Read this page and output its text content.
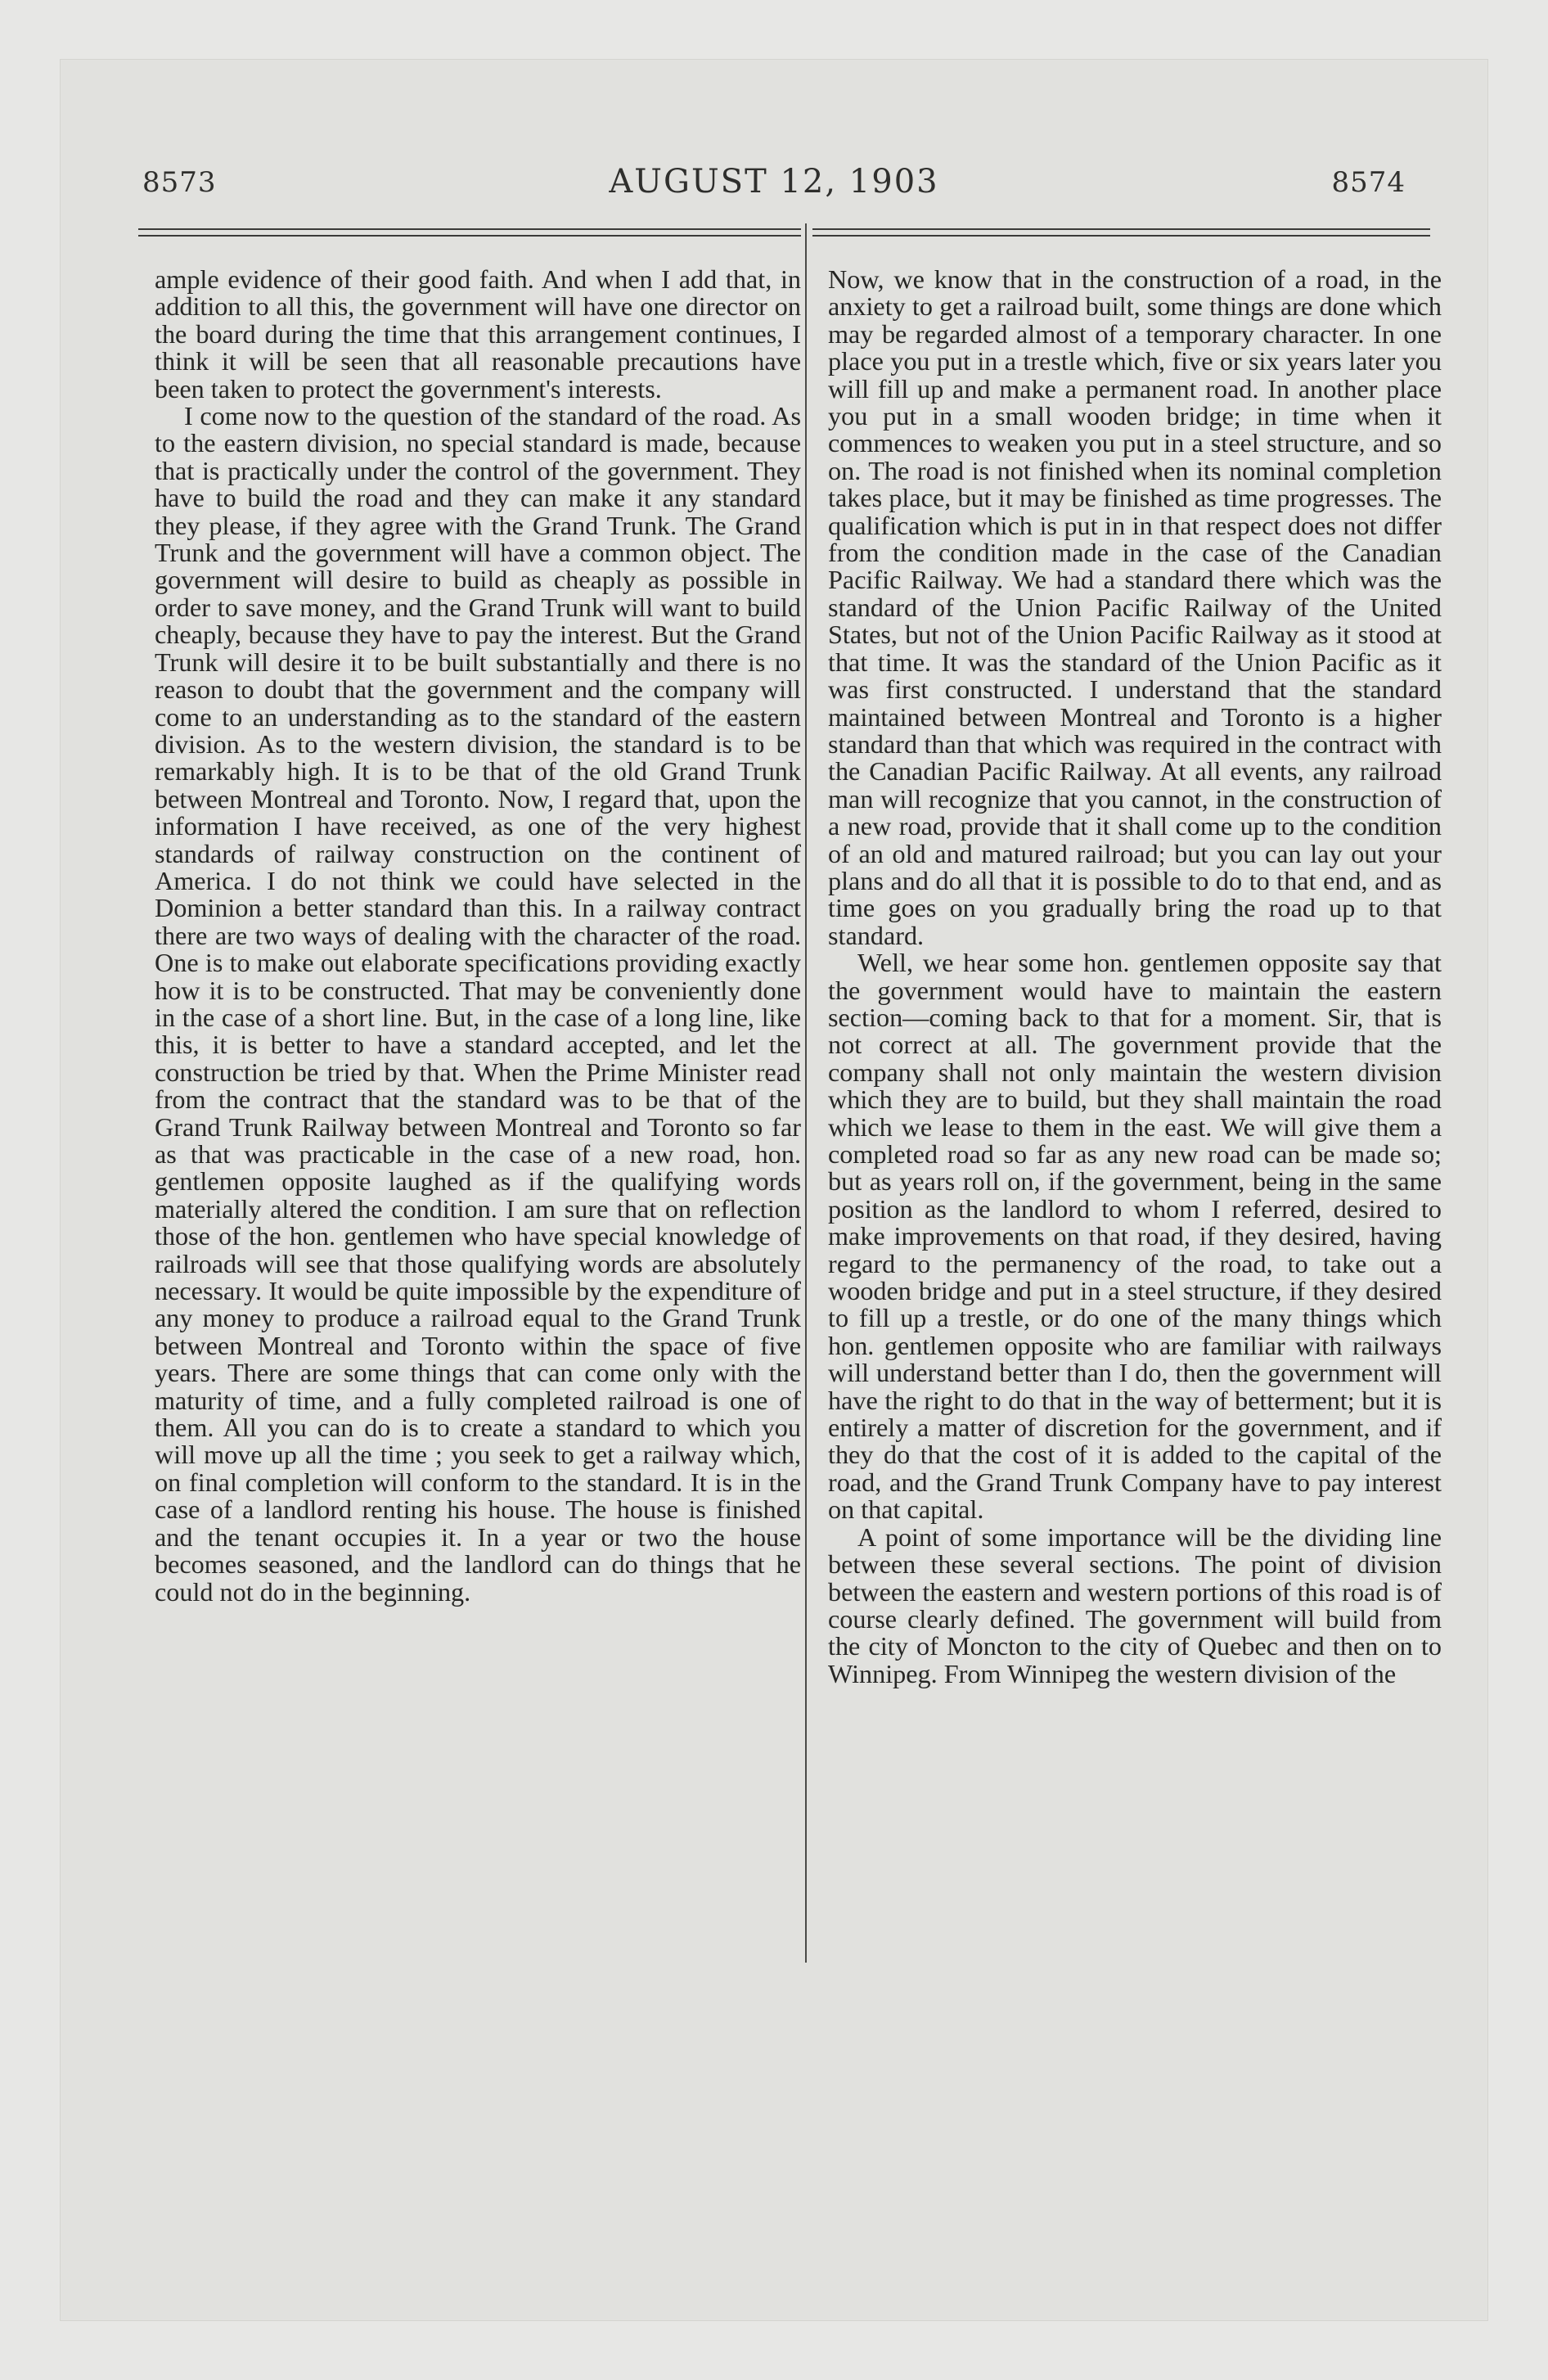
8573	AUGUST 12, 1903	8574

ample evidence of their good faith. And when I add that, in addition to all this, the government will have one director on the board during the time that this arrangement continues, I think it will be seen that all reasonable precautions have been taken to protect the government's interests.

I come now to the question of the standard of the road. As to the eastern division, no special standard is made, because that is practically under the control of the government. They have to build the road and they can make it any standard they please, if they agree with the Grand Trunk. The Grand Trunk and the government will have a common object. The government will desire to build as cheaply as possible in order to save money, and the Grand Trunk will want to build cheaply, because they have to pay the interest. But the Grand Trunk will desire it to be built substantially and there is no reason to doubt that the government and the company will come to an understanding as to the standard of the eastern division. As to the western division, the standard is to be remarkably high. It is to be that of the old Grand Trunk between Montreal and Toronto. Now, I regard that, upon the information I have received, as one of the very highest standards of railway construction on the continent of America. I do not think we could have selected in the Dominion a better standard than this. In a railway contract there are two ways of dealing with the character of the road. One is to make out elaborate specifications providing exactly how it is to be constructed. That may be conveniently done in the case of a short line. But, in the case of a long line, like this, it is better to have a standard accepted, and let the construction be tried by that. When the Prime Minister read from the contract that the standard was to be that of the Grand Trunk Railway between Montreal and Toronto so far as that was practicable in the case of a new road, hon. gentlemen opposite laughed as if the qualifying words materially altered the condition. I am sure that on reflection those of the hon. gentlemen who have special knowledge of railroads will see that those qualifying words are absolutely necessary. It would be quite impossible by the expenditure of any money to produce a railroad equal to the Grand Trunk between Montreal and Toronto within the space of five years. There are some things that can come only with the maturity of time, and a fully completed railroad is one of them. All you can do is to create a standard to which you will move up all the time ; you seek to get a railway which, on final completion will conform to the standard. It is in the case of a landlord renting his house. The house is finished and the tenant occupies it. In a year or two the house becomes seasoned, and the landlord can do things that he could not do in the beginning.

Now, we know that in the construction of a road, in the anxiety to get a railroad built, some things are done which may be regarded almost of a temporary character. In one place you put in a trestle which, five or six years later you will fill up and make a permanent road. In another place you put in a small wooden bridge; in time when it commences to weaken you put in a steel structure, and so on. The road is not finished when its nominal completion takes place, but it may be finished as time progresses. The qualification which is put in in that respect does not differ from the condition made in the case of the Canadian Pacific Railway. We had a standard there which was the standard of the Union Pacific Railway of the United States, but not of the Union Pacific Railway as it stood at that time. It was the standard of the Union Pacific as it was first constructed. I understand that the standard maintained between Montreal and Toronto is a higher standard than that which was required in the contract with the Canadian Pacific Railway. At all events, any railroad man will recognize that you cannot, in the construction of a new road, provide that it shall come up to the condition of an old and matured railroad; but you can lay out your plans and do all that it is possible to do to that end, and as time goes on you gradually bring the road up to that standard.

Well, we hear some hon. gentlemen opposite say that the government would have to maintain the eastern section—coming back to that for a moment. Sir, that is not correct at all. The government provide that the company shall not only maintain the western division which they are to build, but they shall maintain the road which we lease to them in the east. We will give them a completed road so far as any new road can be made so; but as years roll on, if the government, being in the same position as the landlord to whom I referred, desired to make improvements on that road, if they desired, having regard to the permanency of the road, to take out a wooden bridge and put in a steel structure, if they desired to fill up a trestle, or do one of the many things which hon. gentlemen opposite who are familiar with railways will understand better than I do, then the government will have the right to do that in the way of betterment; but it is entirely a matter of discretion for the government, and if they do that the cost of it is added to the capital of the road, and the Grand Trunk Company have to pay interest on that capital.

A point of some importance will be the dividing line between these several sections. The point of division between the eastern and western portions of this road is of course clearly defined. The government will build from the city of Moncton to the city of Quebec and then on to Winnipeg. From Winnipeg the western division of the
